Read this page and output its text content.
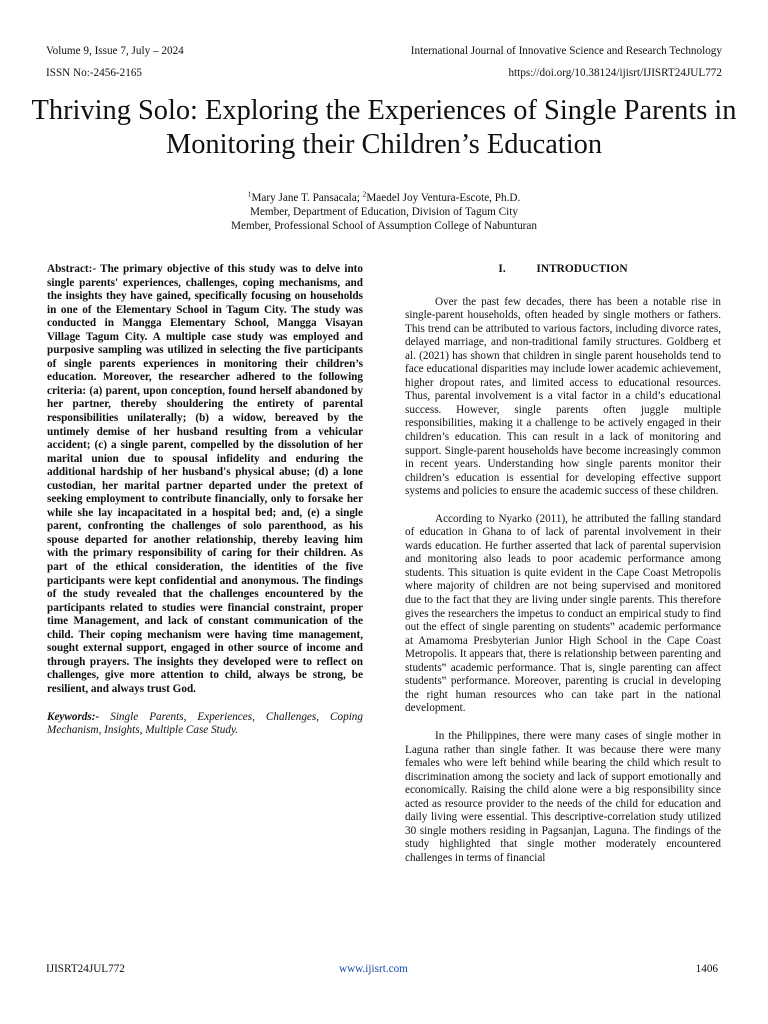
Volume 9, Issue 7, July – 2024	International Journal of Innovative Science and Research Technology
ISSN No:-2456-2165	https://doi.org/10.38124/ijisrt/IJISRT24JUL772
Thriving Solo: Exploring the Experiences of Single Parents in Monitoring their Children’s Education
$^1$Mary Jane T. Pansacala; $^2$Maedel Joy Ventura-Escote, Ph.D.
Member, Department of Education, Division of Tagum City
Member, Professional School of Assumption College of Nabunturan

Abstract:- The primary objective of this study was to delve into single parents' experiences, challenges, coping mechanisms, and the insights they have gained, specifically focusing on households in one of the Elementary School in Tagum City. The study was conducted in Mangga Elementary School, Mangga Visayan Village Tagum City. A multiple case study was employed and purposive sampling was utilized in selecting the five participants of single parents experiences in monitoring their children’s education. Moreover, the researcher adhered to the following criteria: (a) parent, upon conception, found herself abandoned by her partner, thereby shouldering the entirety of parental responsibilities unilaterally; (b) a widow, bereaved by the untimely demise of her husband resulting from a vehicular accident; (c) a single parent, compelled by the dissolution of her marital union due to spousal infidelity and enduring the additional hardship of her husband's physical abuse; (d) a lone custodian, her marital partner departed under the pretext of seeking employment to contribute financially, only to forsake her while she lay incapacitated in a hospital bed; and, (e) a single parent, confronting the challenges of solo parenthood, as his spouse departed for another relationship, thereby leaving him with the primary responsibility of caring for their children. As part of the ethical consideration, the identities of the five participants were kept confidential and anonymous. The findings of the study revealed that the challenges encountered by the participants related to studies were financial constraint, proper time Management, and lack of constant communication of the child. Their coping mechanism were having time management, sought external support, engaged in other source of income and through prayers. The insights they developed were to reflect on challenges, give more attention to child, always be strong, be resilient, and always trust God.

Keywords:- Single Parents, Experiences, Challenges, Coping Mechanism, Insights, Multiple Case Study.

I.	INTRODUCTION

Over the past few decades, there has been a notable rise in single-parent households, often headed by single mothers or fathers. This trend can be attributed to various factors, including divorce rates, delayed marriage, and non-traditional family structures. Goldberg et al. (2021) has shown that children in single parent households tend to face educational disparities may include lower academic achievement, higher dropout rates, and limited access to educational resources. Thus, parental involvement is a vital factor in a child’s educational success. However, single parents often juggle multiple responsibilities, making it a challenge to be actively engaged in their children’s education. This can result in a lack of monitoring and support. Single-parent households have become increasingly common in recent years. Understanding how single parents monitor their children’s education is essential for developing effective support systems and policies to ensure the academic success of these children.

According to Nyarko (2011), he attributed the falling standard of education in Ghana to of lack of parental involvement in their wards education. He further asserted that lack of parental supervision and monitoring also leads to poor academic performance among students. This situation is quite evident in the Cape Coast Metropolis where majority of children are not being supervised and monitored due to the fact that they are living under single parents. This therefore gives the researchers the impetus to conduct an empirical study to find out the effect of single parenting on students‟ academic performance at Amamoma Presbyterian Junior High School in the Cape Coast Metropolis. It appears that, there is relationship between parenting and students‟ academic performance. That is, single parenting can affect students‟ performance. Moreover, parenting is crucial in developing the right human resources who can take part in the national development.

In the Philippines, there were many cases of single mother in Laguna rather than single father. It was because there were many females who were left behind while bearing the child which result to discrimination among the society and lack of support emotionally and economically. Raising the child alone were a big responsibility since acted as resource provider to the needs of the child for education and daily living were essential. This descriptive-correlation study utilized 30 single mothers residing in Pagsanjan, Laguna. The findings of the study highlighted that single mother moderately encountered challenges in terms of financial

IJISRT24JUL772	www.ijisrt.com	1406
